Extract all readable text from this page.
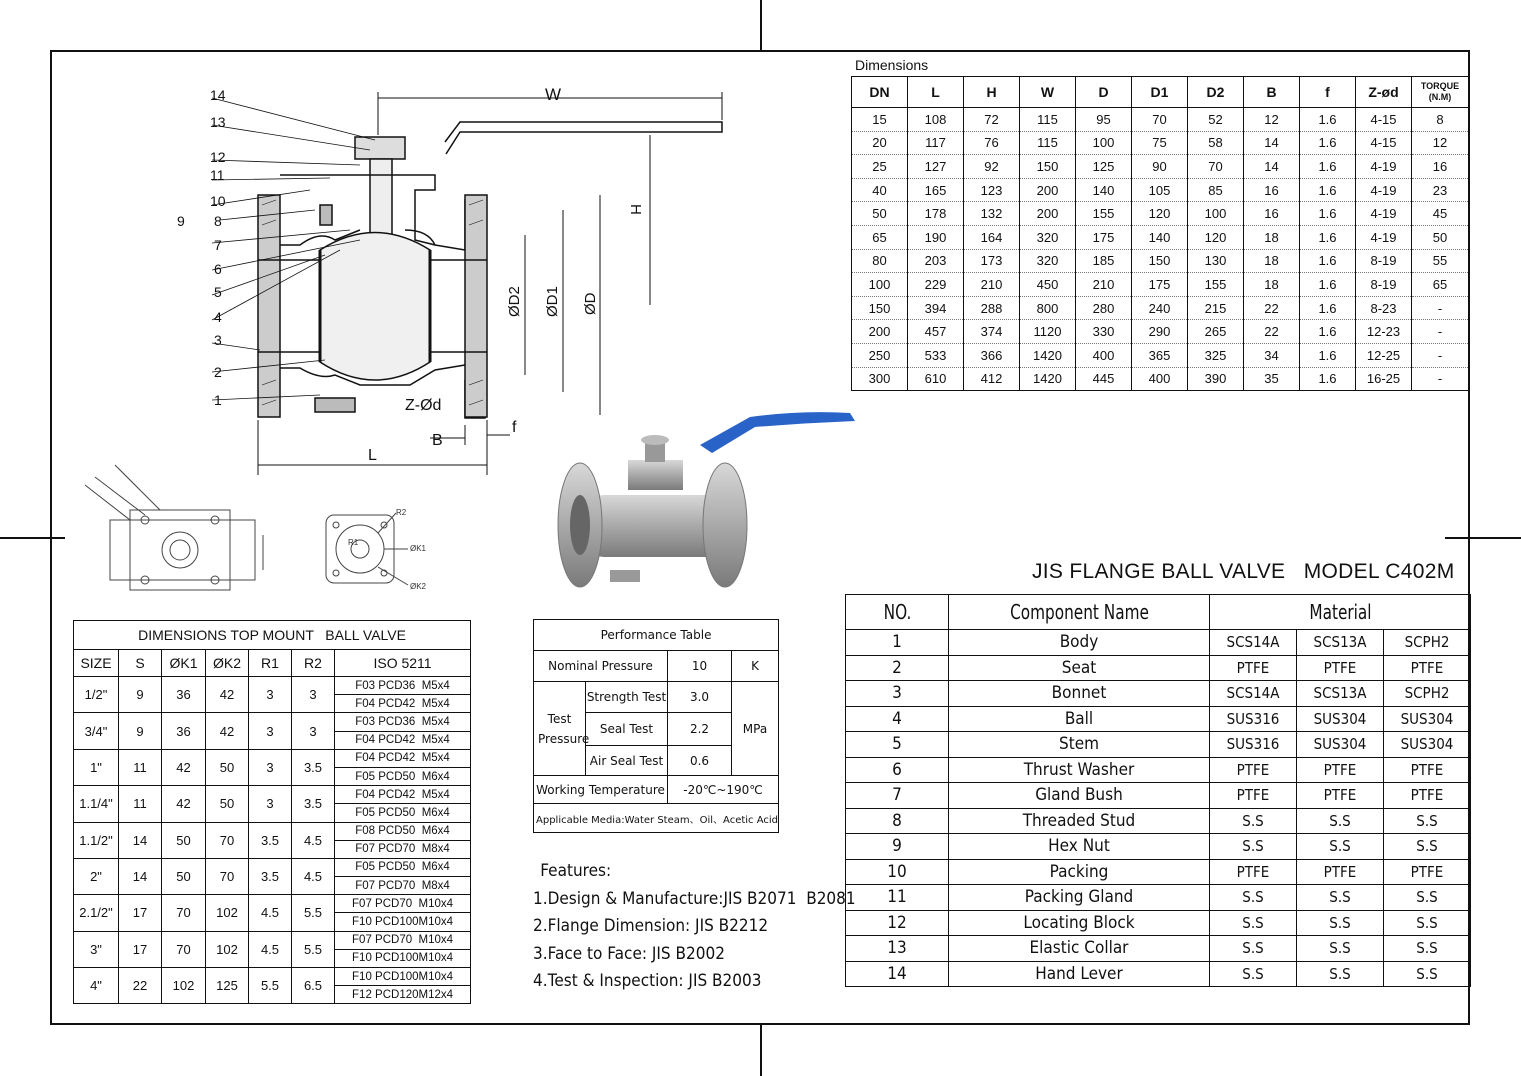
14
13
12
11
10
9 8
7
6
5
4
3
2
1
W
H
ØD
ØD1
ØD2
Z-Ød
B
f
L
R2
ØK1
ØK2
R1
Dimensions
DN	L	H	W	D	D1	D2	B	f	Z-ød	TORQUE
(N.M)
15	108	72	115	95	70	52	12	1.6	4-15	8
20	117	76	115	100	75	58	14	1.6	4-15	12
25	127	92	150	125	90	70	14	1.6	4-19	16
40	165	123	200	140	105	85	16	1.6	4-19	23
50	178	132	200	155	120	100	16	1.6	4-19	45
65	190	164	320	175	140	120	18	1.6	4-19	50
80	203	173	320	185	150	130	18	1.6	8-19	55
100	229	210	450	210	175	155	18	1.6	8-19	65
150	394	288	800	280	240	215	22	1.6	8-23	-
200	457	374	1120	330	290	265	22	1.6	12-23	-
250	533	366	1420	400	365	325	34	1.6	12-25	-
300	610	412	1420	445	400	390	35	1.6	16-25	-
JIS FLANGE BALL VALVE   MODEL C402M
NO.	Component Name	Material		
1	Body	SCS14A	SCS13A	SCPH2
2	Seat	PTFE	PTFE	PTFE
3	Bonnet	SCS14A	SCS13A	SCPH2
4	Ball	SUS316	SUS304	SUS304
5	Stem	SUS316	SUS304	SUS304
6	Thrust Washer	PTFE	PTFE	PTFE
7	Gland Bush	PTFE	PTFE	PTFE
8	Threaded Stud	S.S	S.S	S.S
9	Hex Nut	S.S	S.S	S.S
10	Packing	PTFE	PTFE	PTFE
11	Packing Gland	S.S	S.S	S.S
12	Locating Block	S.S	S.S	S.S
13	Elastic Collar	S.S	S.S	S.S
14	Hand Lever	S.S	S.S	S.S
DIMENSIONS TOP MOUNT   BALL VALVE						
SIZE	S	ØK1	ØK2	R1	R2	ISO 5211
1/2"	9	36	42	3	3	F03 PCD36  M5x4
						F04 PCD42  M5x4
3/4"	9	36	42	3	3	F03 PCD36  M5x4
						F04 PCD42  M5x4
1"	11	42	50	3	3.5	F04 PCD42  M5x4
						F05 PCD50  M6x4
1.1/4"	11	42	50	3	3.5	F04 PCD42  M5x4
						F05 PCD50  M6x4
1.1/2"	14	50	70	3.5	4.5	F08 PCD50  M6x4
						F07 PCD70  M8x4
2"	14	50	70	3.5	4.5	F05 PCD50  M6x4
						F07 PCD70  M8x4
2.1/2"	17	70	102	4.5	5.5	F07 PCD70  M10x4
						F10 PCD100M10x4
3"	17	70	102	4.5	5.5	F07 PCD70  M10x4
						F10 PCD100M10x4
4"	22	102	125	5.5	6.5	F10 PCD100M10x4
						F12 PCD120M12x4
Performance Table			
Nominal Pressure		10	K
Test Pressure	Strength Test	3.0	MPa
	Seal Test	2.2	
	Air Seal Test	0.6	
Working Temperature		-20℃~190℃	
Applicable Media:Water Steam、Oil、Acetic Acid			
Features:
1.Design & Manufacture:JIS B2071  B2081
2.Flange Dimension: JIS B2212
3.Face to Face: JIS B2002
4.Test & Inspection: JIS B2003
